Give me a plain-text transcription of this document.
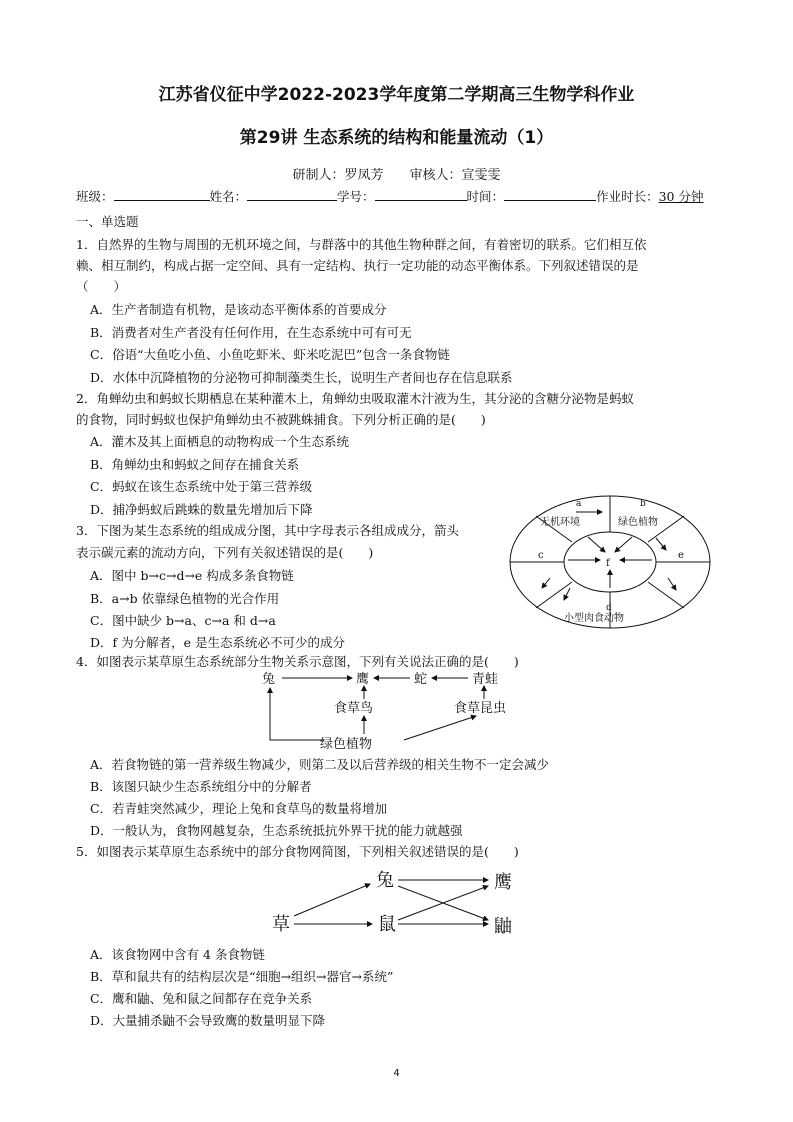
江苏省仪征中学2022-2023学年度第二学期高三生物学科作业
第29讲 生态系统的结构和能量流动（1）
研制人：罗凤芳　　审核人：宣雯雯
班级：	姓名：	学号：	时间：	作业时长：30 分钟
一、单选题
1．自然界的生物与周围的无机环境之间，与群落中的其他生物种群之间，有着密切的联系。它们相互依
赖、相互制约，构成占据一定空间、具有一定结构、执行一定功能的动态平衡体系。下列叙述错误的是
（　　）
A．生产者制造有机物，是该动态平衡体系的首要成分
B．消费者对生产者没有任何作用，在生态系统中可有可无
C．俗语“大鱼吃小鱼、小鱼吃虾米、虾米吃泥巴”包含一条食物链
D．水体中沉降植物的分泌物可抑制藻类生长，说明生产者间也存在信息联系
2．角蝉幼虫和蚂蚁长期栖息在某种灌木上，角蝉幼虫吸取灌木汁液为生，其分泌的含糖分泌物是蚂蚁
的食物，同时蚂蚁也保护角蝉幼虫不被跳蛛捕食。下列分析正确的是(　　)
A．灌木及其上面栖息的动物构成一个生态系统
B．角蝉幼虫和蚂蚁之间存在捕食关系
C．蚂蚁在该生态系统中处于第三营养级
D．捕净蚂蚁后跳蛛的数量先增加后下降
3．下图为某生态系统的组成成分图，其中字母表示各组成成分，箭头
表示碳元素的流动方向，下列有关叙述错误的是(　　)
A．图中 b→c→d→e 构成多条食物链
B．a→b 依靠绿色植物的光合作用
C．图中缺少 b→a、c→a 和 d→a
D．f 为分解者，e 是生态系统必不可少的成分
a	b
无机环境	绿色植物
c	e
f
d
小型肉食动物
4．如图表示某草原生态系统部分生物关系示意图，下列有关说法正确的是(　　)
兔	鹰	蛇	青蛙
食草鸟	食草昆虫
绿色植物
A．若食物链的第一营养级生物减少，则第二及以后营养级的相关生物不一定会减少
B．该图只缺少生态系统组分中的分解者
C．若青蛙突然减少，理论上兔和食草鸟的数量将增加
D．一般认为，食物网越复杂，生态系统抵抗外界干扰的能力就越强
5．如图表示某草原生态系统中的部分食物网简图，下列相关叙述错误的是(　　)
兔	鹰
草	鼠	鼬
A．该食物网中含有 4 条食物链
B．草和鼠共有的结构层次是“细胞→组织→器官→系统”
C．鹰和鼬、兔和鼠之间都存在竞争关系
D．大量捕杀鼬不会导致鹰的数量明显下降
4
